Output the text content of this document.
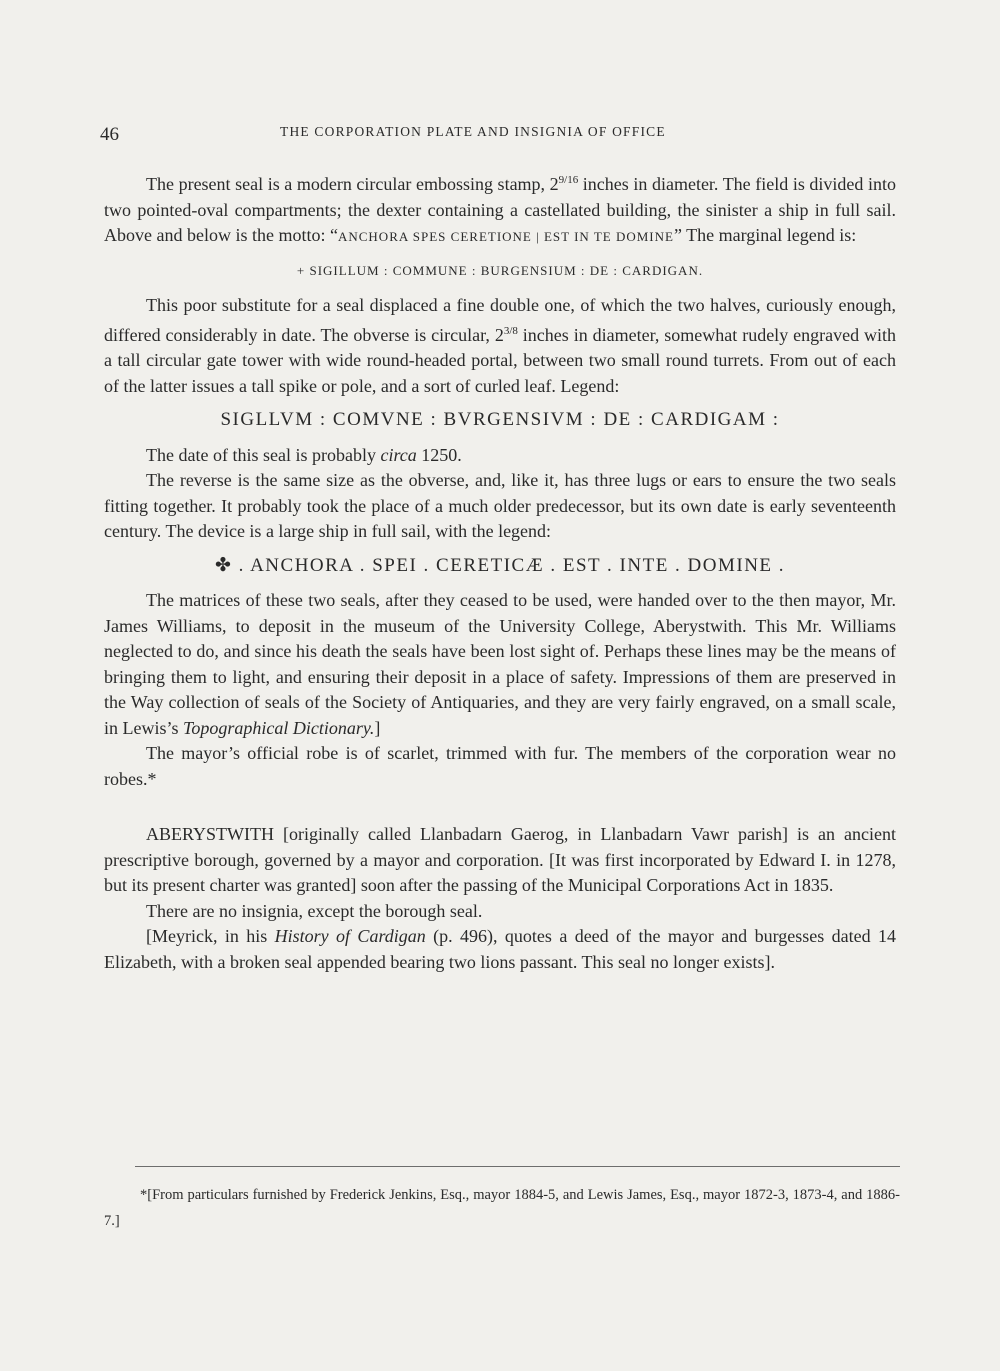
46	THE CORPORATION PLATE AND INSIGNIA OF OFFICE

The present seal is a modern circular embossing stamp, $2^{9/16}$ inches in diameter. The field is divided into two pointed-oval compartments; the dexter containing a castellated building, the sinister a ship in full sail. Above and below is the motto: “ANCHORA SPES CERETIONE | EST IN TE DOMINE” The marginal legend is:

+ SIGILLUM : COMMUNE : BURGENSIUM : DE : CARDIGAN.

This poor substitute for a seal displaced a fine double one, of which the two halves, curiously enough, differed considerably in date. The obverse is circular, $2^{3/8}$ inches in diameter, somewhat rudely engraved with a tall circular gate tower with wide round-headed portal, between two small round turrets. From out of each of the latter issues a tall spike or pole, and a sort of curled leaf. Legend:

SIGLLVM : COMVNE : BVRGENSIVM : DE : CARDIGAM :

The date of this seal is probably circa 1250.

The reverse is the same size as the obverse, and, like it, has three lugs or ears to ensure the two seals fitting together. It probably took the place of a much older predecessor, but its own date is early seventeenth century. The device is a large ship in full sail, with the legend:

✤ . ANCHORA . SPEI . CERETICÆ . EST . INTE . DOMINE .

The matrices of these two seals, after they ceased to be used, were handed over to the then mayor, Mr. James Williams, to deposit in the museum of the University College, Aberystwith. This Mr. Williams neglected to do, and since his death the seals have been lost sight of. Perhaps these lines may be the means of bringing them to light, and ensuring their deposit in a place of safety. Impressions of them are preserved in the Way collection of seals of the Society of Antiquaries, and they are very fairly engraved, on a small scale, in Lewis’s Topographical Dictionary.]

The mayor’s official robe is of scarlet, trimmed with fur. The members of the corporation wear no robes.*

ABERYSTWITH [originally called Llanbadarn Gaerog, in Llanbadarn Vawr parish] is an ancient prescriptive borough, governed by a mayor and corporation. [It was first incorporated by Edward I. in 1278, but its present charter was granted] soon after the passing of the Municipal Corporations Act in 1835.

There are no insignia, except the borough seal.

[Meyrick, in his History of Cardigan (p. 496), quotes a deed of the mayor and burgesses dated 14 Elizabeth, with a broken seal appended bearing two lions passant. This seal no longer exists].

*[From particulars furnished by Frederick Jenkins, Esq., mayor 1884-5, and Lewis James, Esq., mayor 1872-3, 1873-4, and 1886-7.]
